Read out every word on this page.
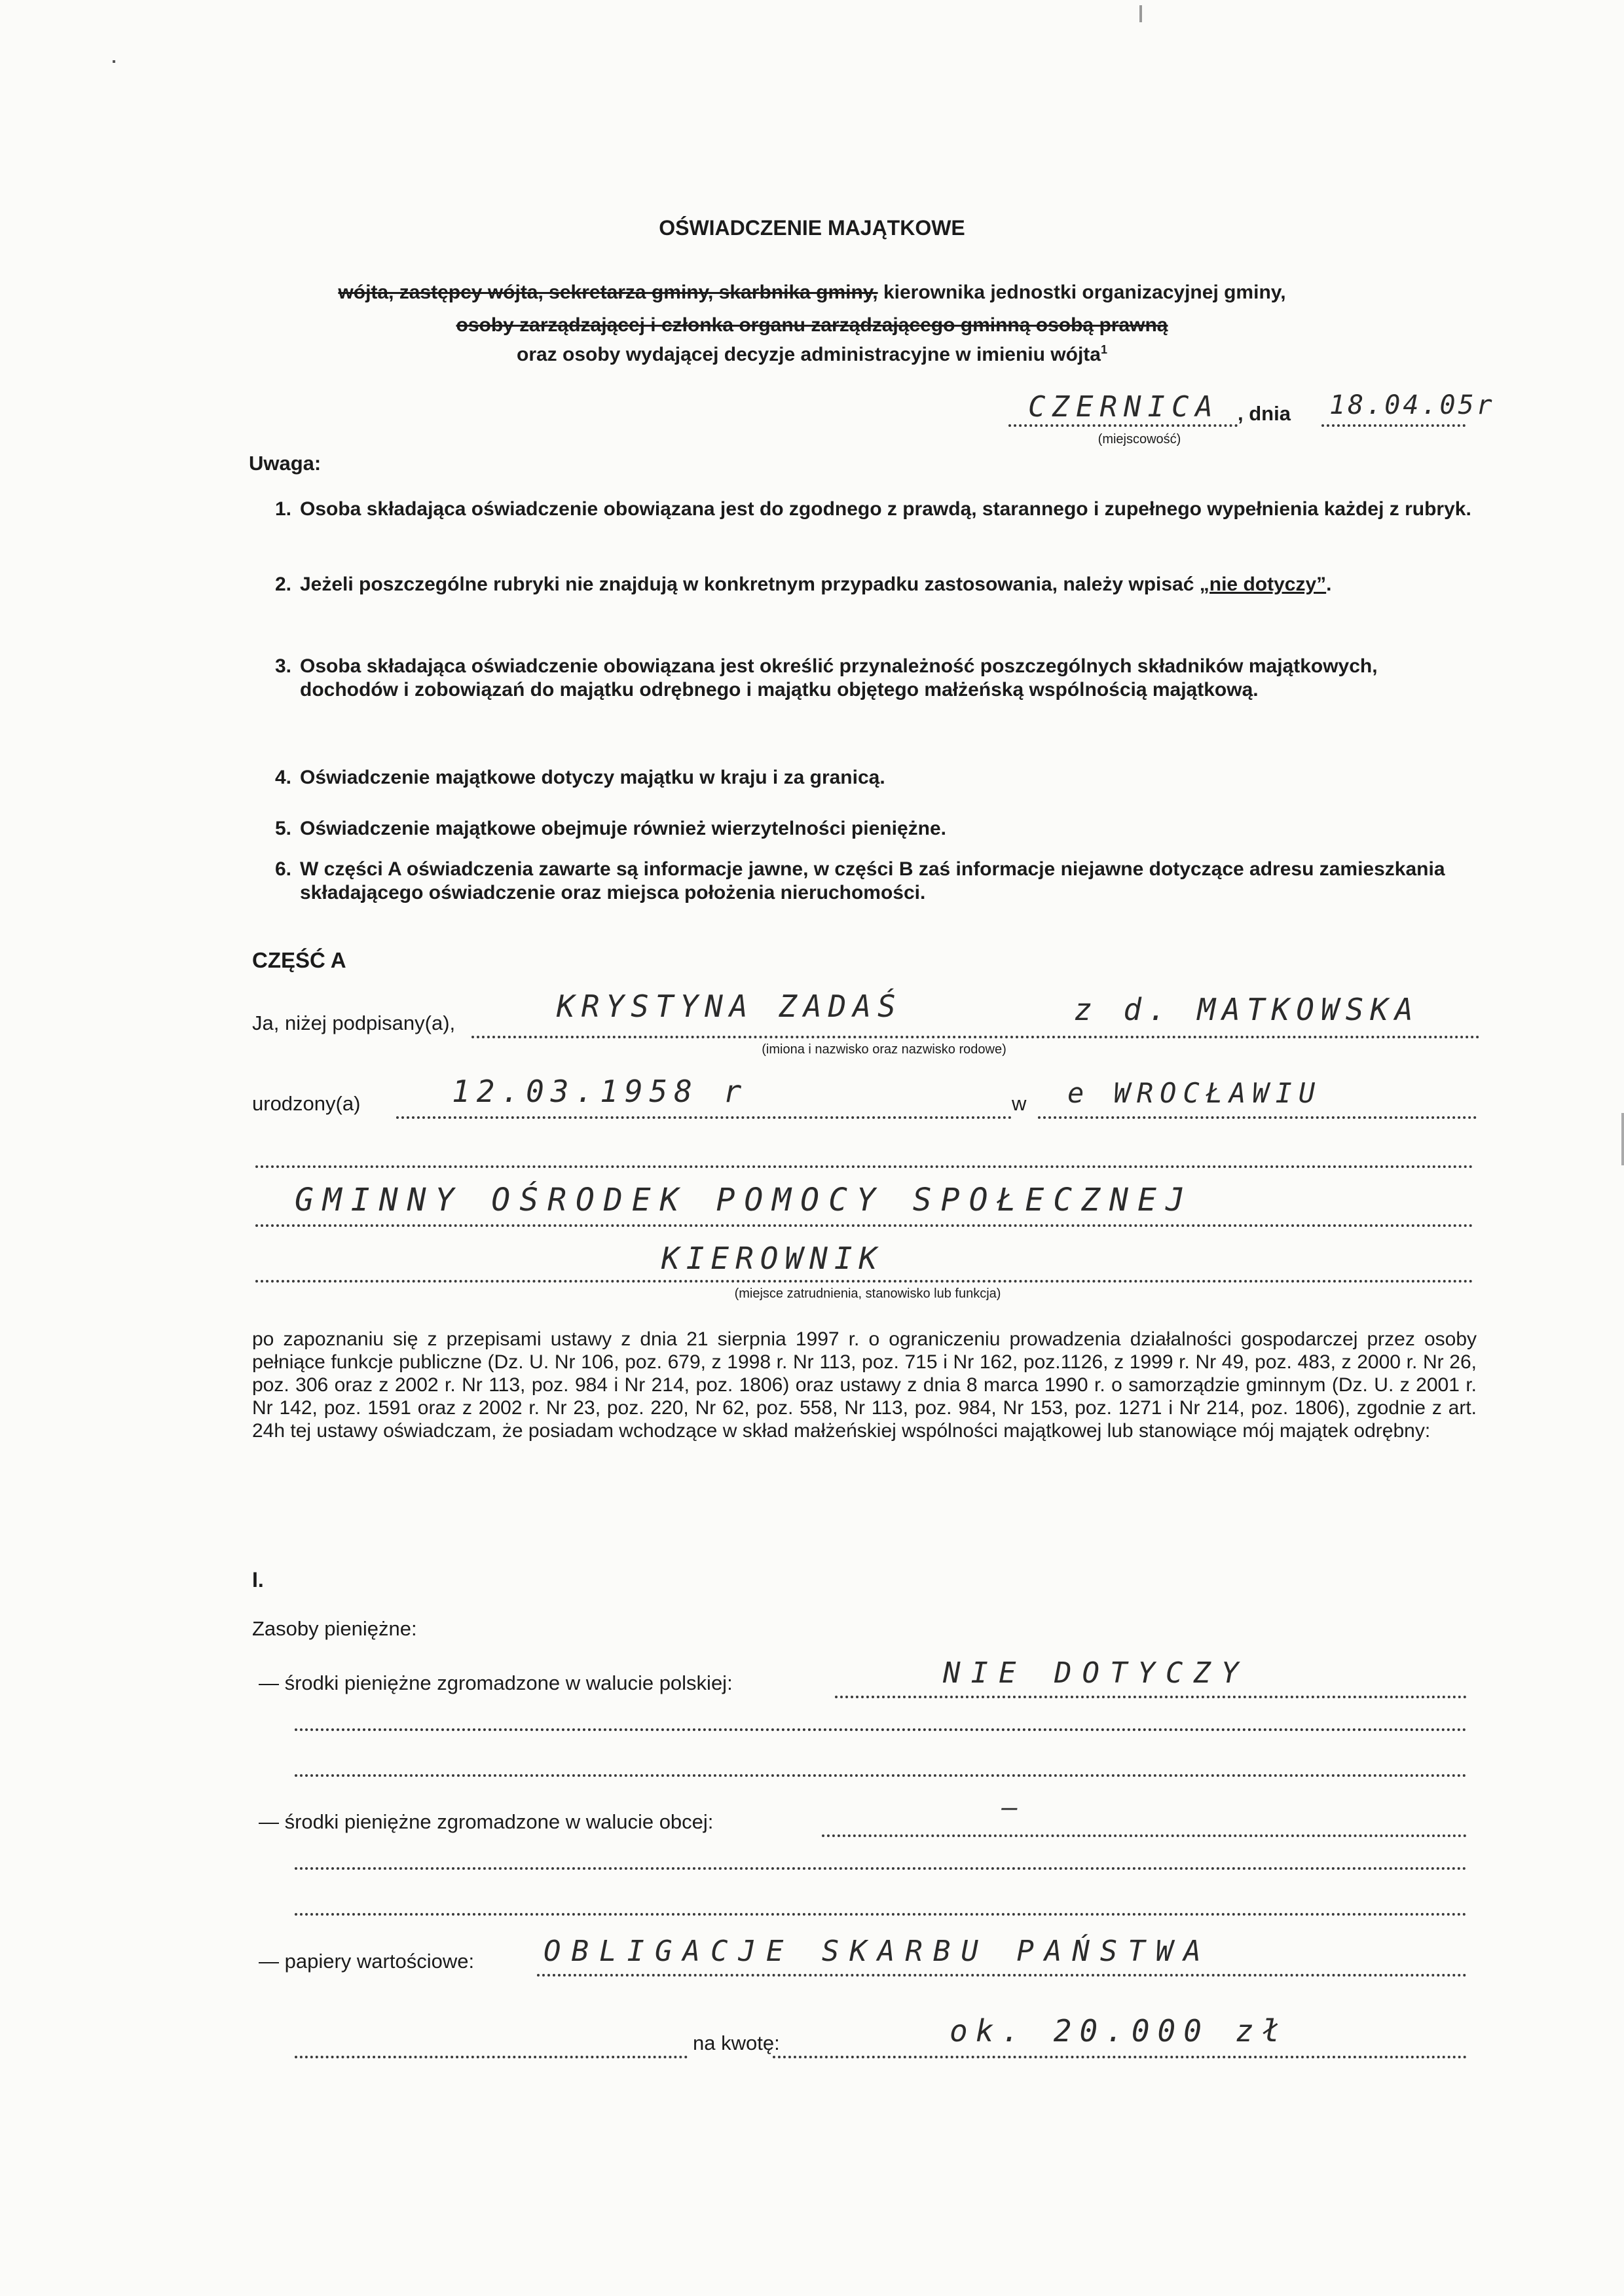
OŚWIADCZENIE MAJĄTKOWE
wójta, zastępcy wójta, sekretarza gminy, skarbnika gminy, kierownika jednostki organizacyjnej gminy,
osoby zarządzającej i członka organu zarządzającego gminną osobą prawną
oraz osoby wydającej decyzje administracyjne w imieniu wójta$^1$
CZERNICA , dnia 18.04.05r
(miejscowość)
Uwaga:
1. Osoba składająca oświadczenie obowiązana jest do zgodnego z prawdą, starannego i zupełnego wypełnienia każdej z rubryk.
2. Jeżeli poszczególne rubryki nie znajdują w konkretnym przypadku zastosowania, należy wpisać „nie dotyczy”.
3. Osoba składająca oświadczenie obowiązana jest określić przynależność poszczególnych składników majątkowych, dochodów i zobowiązań do majątku odrębnego i majątku objętego małżeńską wspólnością majątkową.
4. Oświadczenie majątkowe dotyczy majątku w kraju i za granicą.
5. Oświadczenie majątkowe obejmuje również wierzytelności pieniężne.
6. W części A oświadczenia zawarte są informacje jawne, w części B zaś informacje niejawne dotyczące adresu zamieszkania składającego oświadczenie oraz miejsca położenia nieruchomości.
CZĘŚĆ A
Ja, niżej podpisany(a),	KRYSTYNA ZADAŚ	z d. MATKOWSKA
(imiona i nazwisko oraz nazwisko rodowe)
urodzony(a)	12.03.1958 r	w e WROCŁAWIU
GMINNY OŚRODEK POMOCY SPOŁECZNEJ
KIEROWNIK
(miejsce zatrudnienia, stanowisko lub funkcja)
po zapoznaniu się z przepisami ustawy z dnia 21 sierpnia 1997 r. o ograniczeniu prowadzenia działalności gospodarczej przez osoby pełniące funkcje publiczne (Dz. U. Nr 106, poz. 679, z 1998 r. Nr 113, poz. 715 i Nr 162, poz.1126, z 1999 r. Nr 49, poz. 483, z 2000 r. Nr 26, poz. 306 oraz z 2002 r. Nr 113, poz. 984 i Nr 214, poz. 1806) oraz ustawy z dnia 8 marca 1990 r. o samorządzie gminnym (Dz. U. z 2001 r. Nr 142, poz. 1591 oraz z 2002 r. Nr 23, poz. 220, Nr 62, poz. 558, Nr 113, poz. 984, Nr 153, poz. 1271 i Nr 214, poz. 1806), zgodnie z art. 24h tej ustawy oświadczam, że posiadam wchodzące w skład małżeńskiej wspólności majątkowej lub stanowiące mój majątek odrębny:
I.
Zasoby pieniężne:
— środki pieniężne zgromadzone w walucie polskiej:	NIE DOTYCZY
— środki pieniężne zgromadzone w walucie obcej:	—
— papiery wartościowe: OBLIGACJE SKARBU PAŃSTWA
na kwotę:	ok. 20.000 zł
